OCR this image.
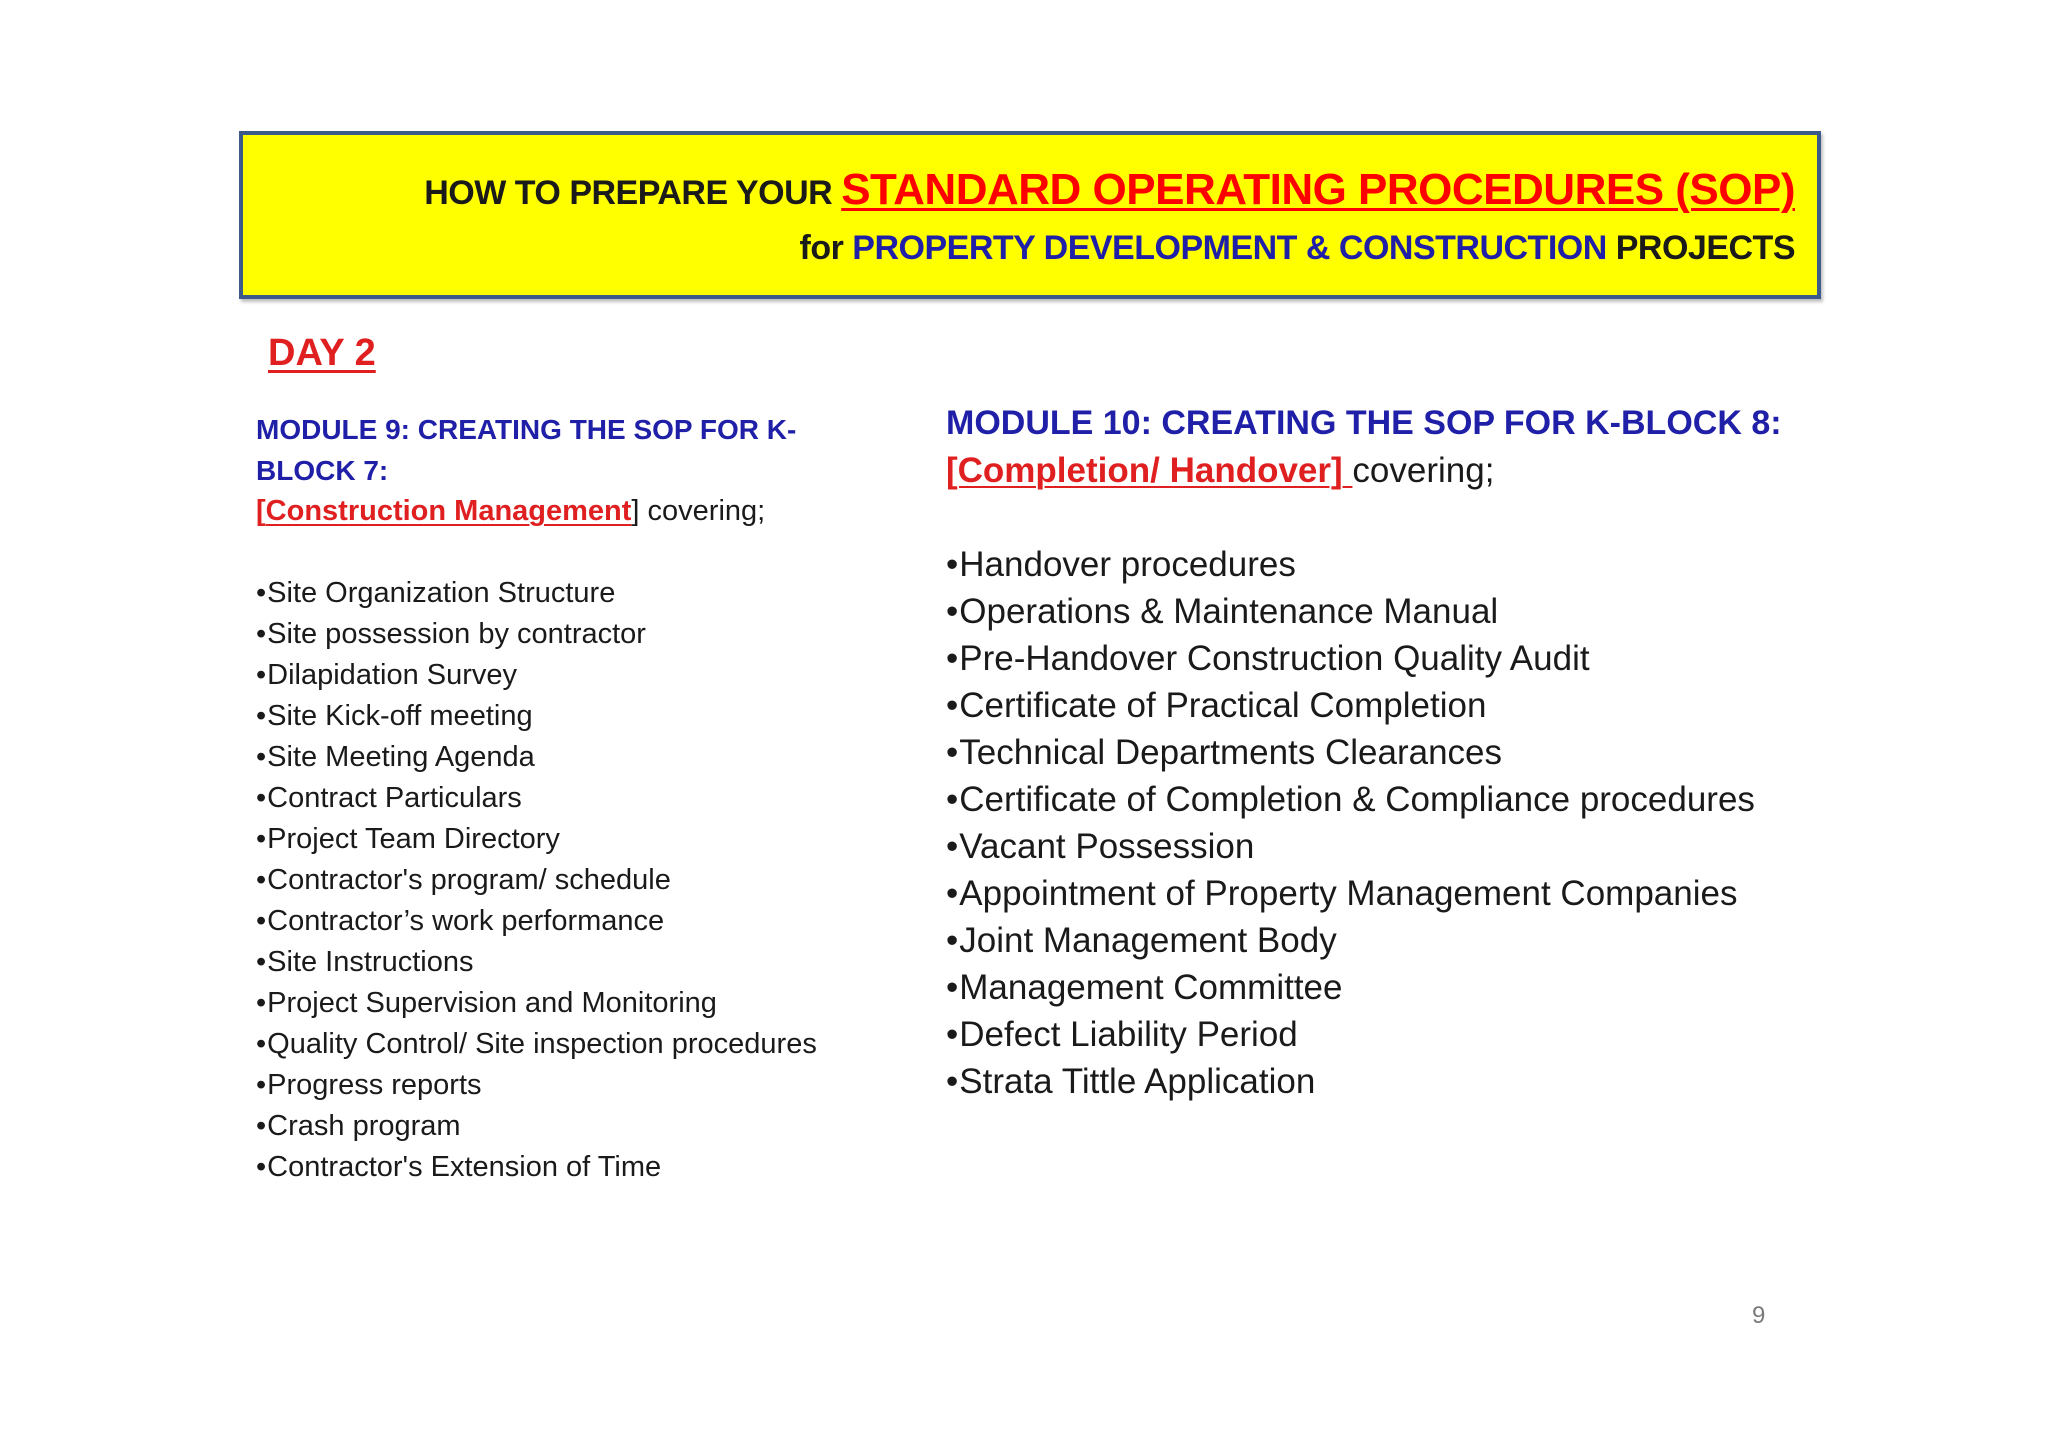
HOW TO PREPARE YOUR STANDARD OPERATING PROCEDURES (SOP)
for PROPERTY DEVELOPMENT & CONSTRUCTION PROJECTS
DAY 2
MODULE 9: CREATING THE SOP FOR K-BLOCK 7:
[Construction Management] covering;
•Site Organization Structure
•Site possession by contractor
•Dilapidation Survey
•Site Kick-off meeting
•Site Meeting Agenda
•Contract Particulars
•Project Team Directory
•Contractor's program/ schedule
•Contractor’s work performance
•Site Instructions
•Project Supervision and Monitoring
•Quality Control/ Site inspection procedures
•Progress reports
•Crash program
•Contractor's Extension of Time
MODULE 10: CREATING THE SOP FOR K-BLOCK 8:
[Completion/ Handover] covering;
•Handover procedures
•Operations & Maintenance Manual
•Pre-Handover Construction Quality Audit
•Certificate of Practical Completion
•Technical Departments Clearances
•Certificate of Completion & Compliance procedures
•Vacant Possession
•Appointment of Property Management Companies
•Joint Management Body
•Management Committee
•Defect Liability Period
•Strata Tittle Application
9
